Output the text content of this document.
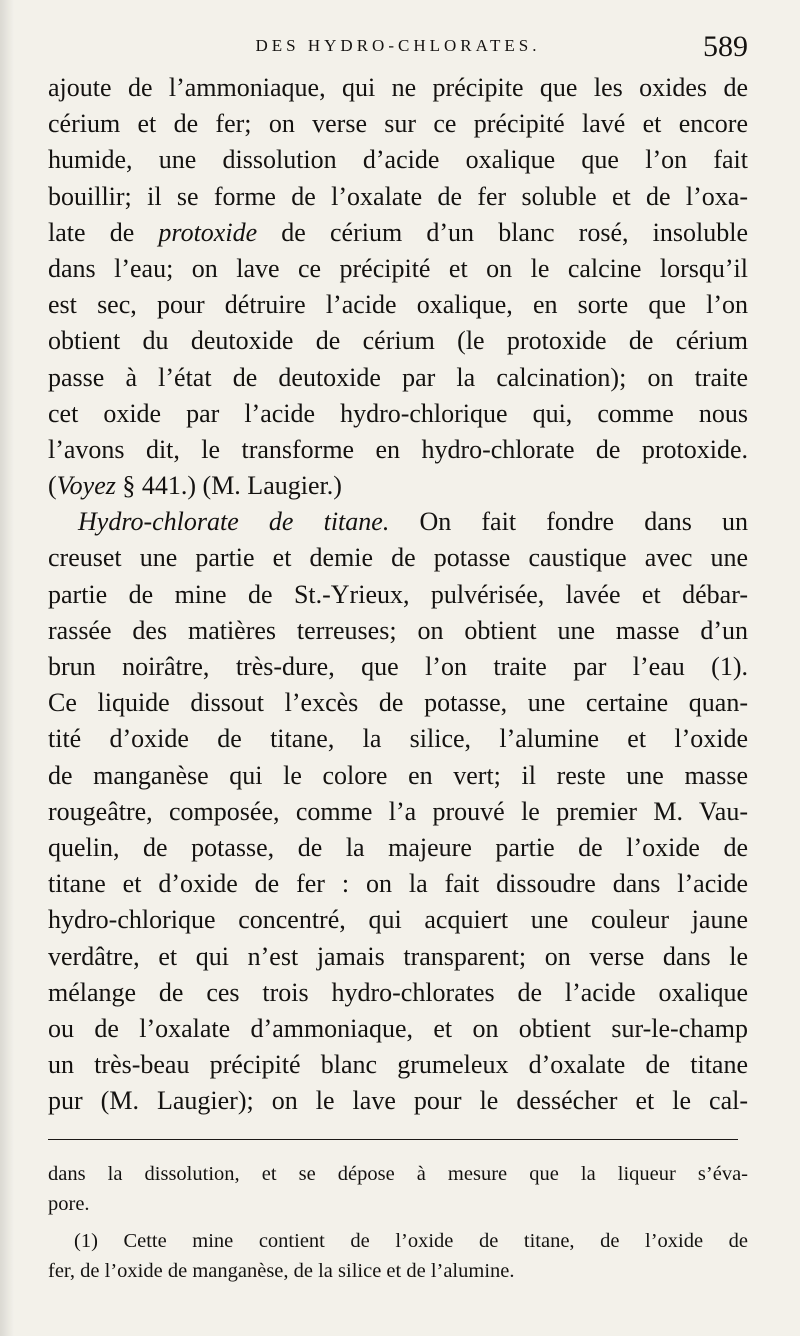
DES HYDRO-CHLORATES.	589
ajoute de l’ammoniaque, qui ne précipite que les oxides de
cérium et de fer; on verse sur ce précipité lavé et encore
humide, une dissolution d’acide oxalique que l’on fait
bouillir; il se forme de l’oxalate de fer soluble et de l’oxa-
late de protoxide de cérium d’un blanc rosé, insoluble
dans l’eau; on lave ce précipité et on le calcine lorsqu’il
est sec, pour détruire l’acide oxalique, en sorte que l’on
obtient du deutoxide de cérium (le protoxide de cérium
passe à l’état de deutoxide par la calcination); on traite
cet oxide par l’acide hydro-chlorique qui, comme nous
l’avons dit, le transforme en hydro-chlorate de protoxide.
(Voyez § 441.) (M. Laugier.)
Hydro-chlorate de titane. On fait fondre dans un
creuset une partie et demie de potasse caustique avec une
partie de mine de St.-Yrieux, pulvérisée, lavée et débar-
rassée des matières terreuses; on obtient une masse d’un
brun noirâtre, très-dure, que l’on traite par l’eau (1).
Ce liquide dissout l’excès de potasse, une certaine quan-
tité d’oxide de titane, la silice, l’alumine et l’oxide
de manganèse qui le colore en vert; il reste une masse
rougeâtre, composée, comme l’a prouvé le premier M. Vau-
quelin, de potasse, de la majeure partie de l’oxide de
titane et d’oxide de fer : on la fait dissoudre dans l’acide
hydro-chlorique concentré, qui acquiert une couleur jaune
verdâtre, et qui n’est jamais transparent; on verse dans le
mélange de ces trois hydro-chlorates de l’acide oxalique
ou de l’oxalate d’ammoniaque, et on obtient sur-le-champ
un très-beau précipité blanc grumeleux d’oxalate de titane
pur (M. Laugier); on le lave pour le dessécher et le cal-
dans la dissolution, et se dépose à mesure que la liqueur s’éva-
pore.
(1) Cette mine contient de l’oxide de titane, de l’oxide de
fer, de l’oxide de manganèse, de la silice et de l’alumine.
